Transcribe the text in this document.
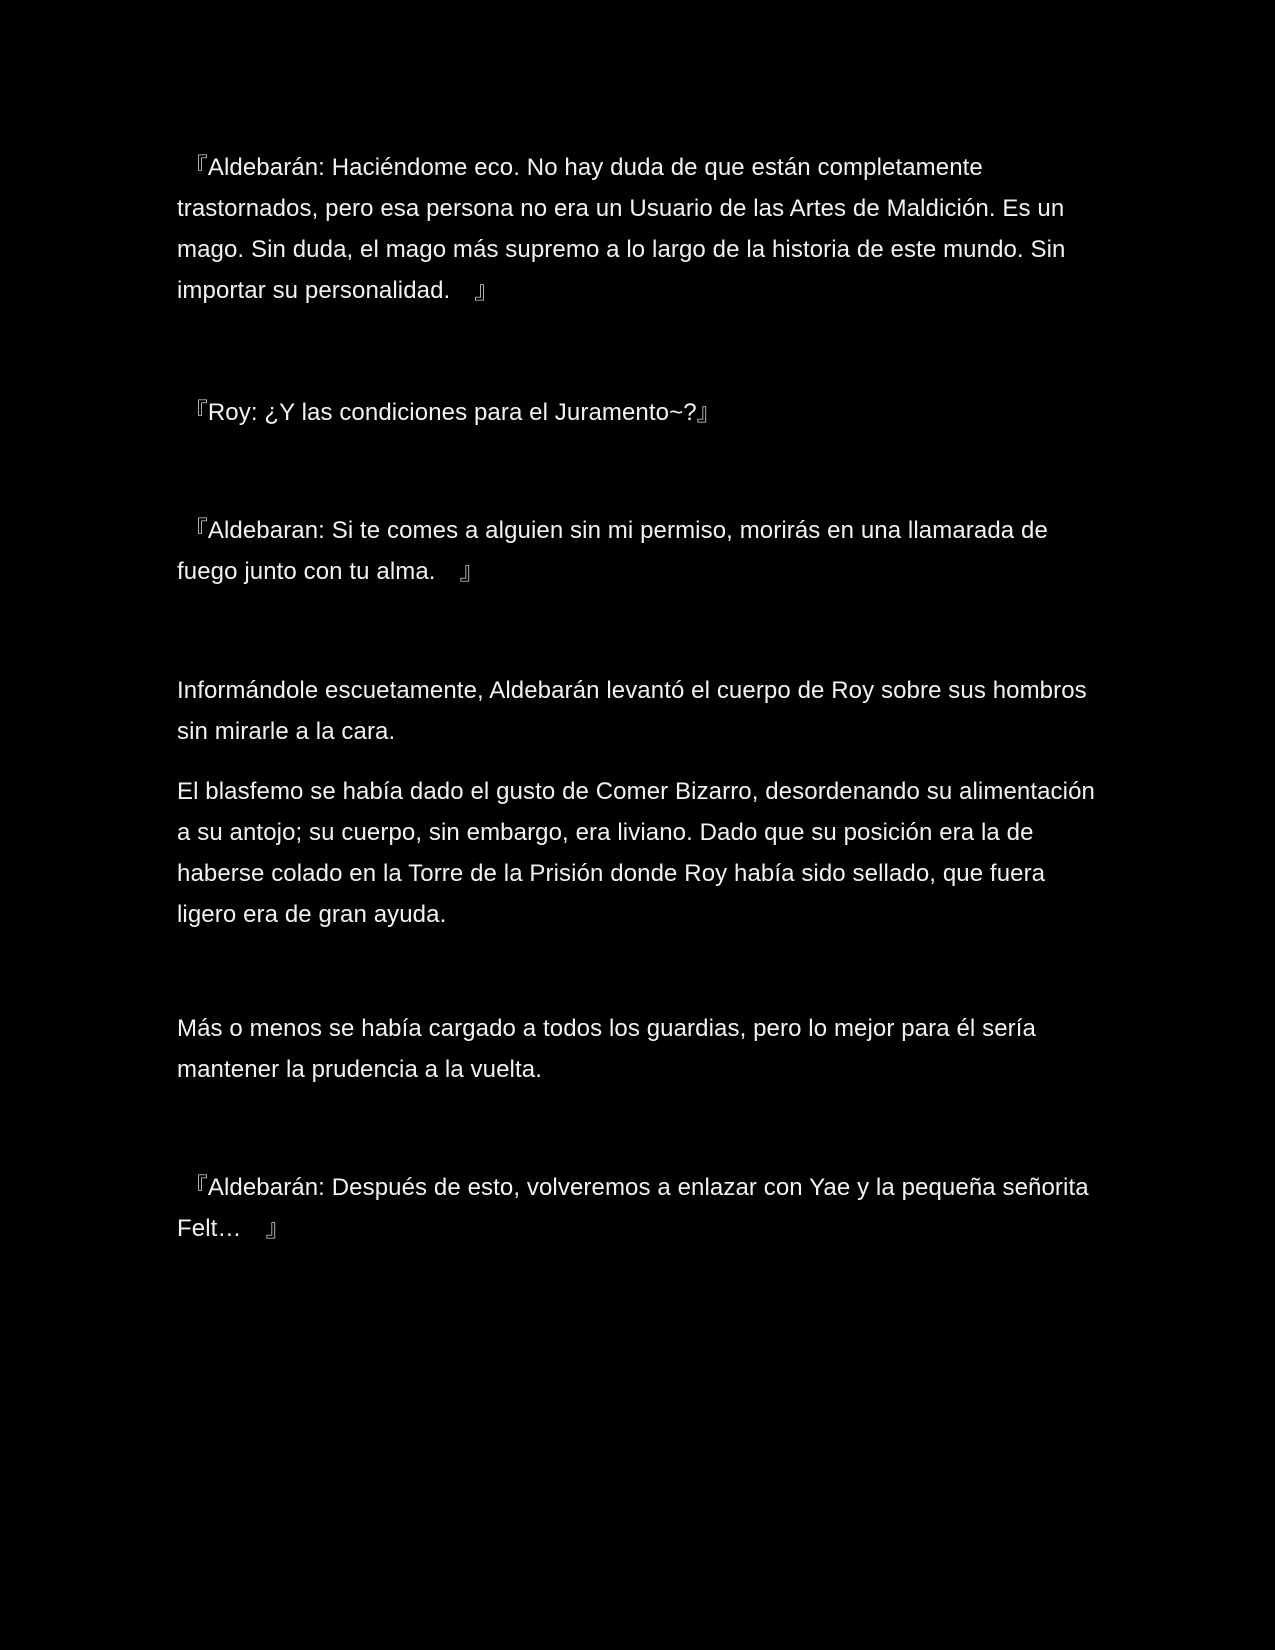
『Aldebarán: Haciéndome eco. No hay duda de que están completamente trastornados, pero esa persona no era un Usuario de las Artes de Maldición. Es un mago. Sin duda, el mago más supremo a lo largo de la historia de este mundo. Sin importar su personalidad.　』

『Roy: ¿Y las condiciones para el Juramento~?』

『Aldebaran: Si te comes a alguien sin mi permiso, morirás en una llamarada de fuego junto con tu alma.　』

Informándole escuetamente, Aldebarán levantó el cuerpo de Roy sobre sus hombros sin mirarle a la cara.

El blasfemo se había dado el gusto de Comer Bizarro, desordenando su alimentación a su antojo; su cuerpo, sin embargo, era liviano. Dado que su posición era la de haberse colado en la Torre de la Prisión donde Roy había sido sellado, que fuera ligero era de gran ayuda.

Más o menos se había cargado a todos los guardias, pero lo mejor para él sería mantener la prudencia a la vuelta.

『Aldebarán: Después de esto, volveremos a enlazar con Yae y la pequeña señorita Felt…　』
